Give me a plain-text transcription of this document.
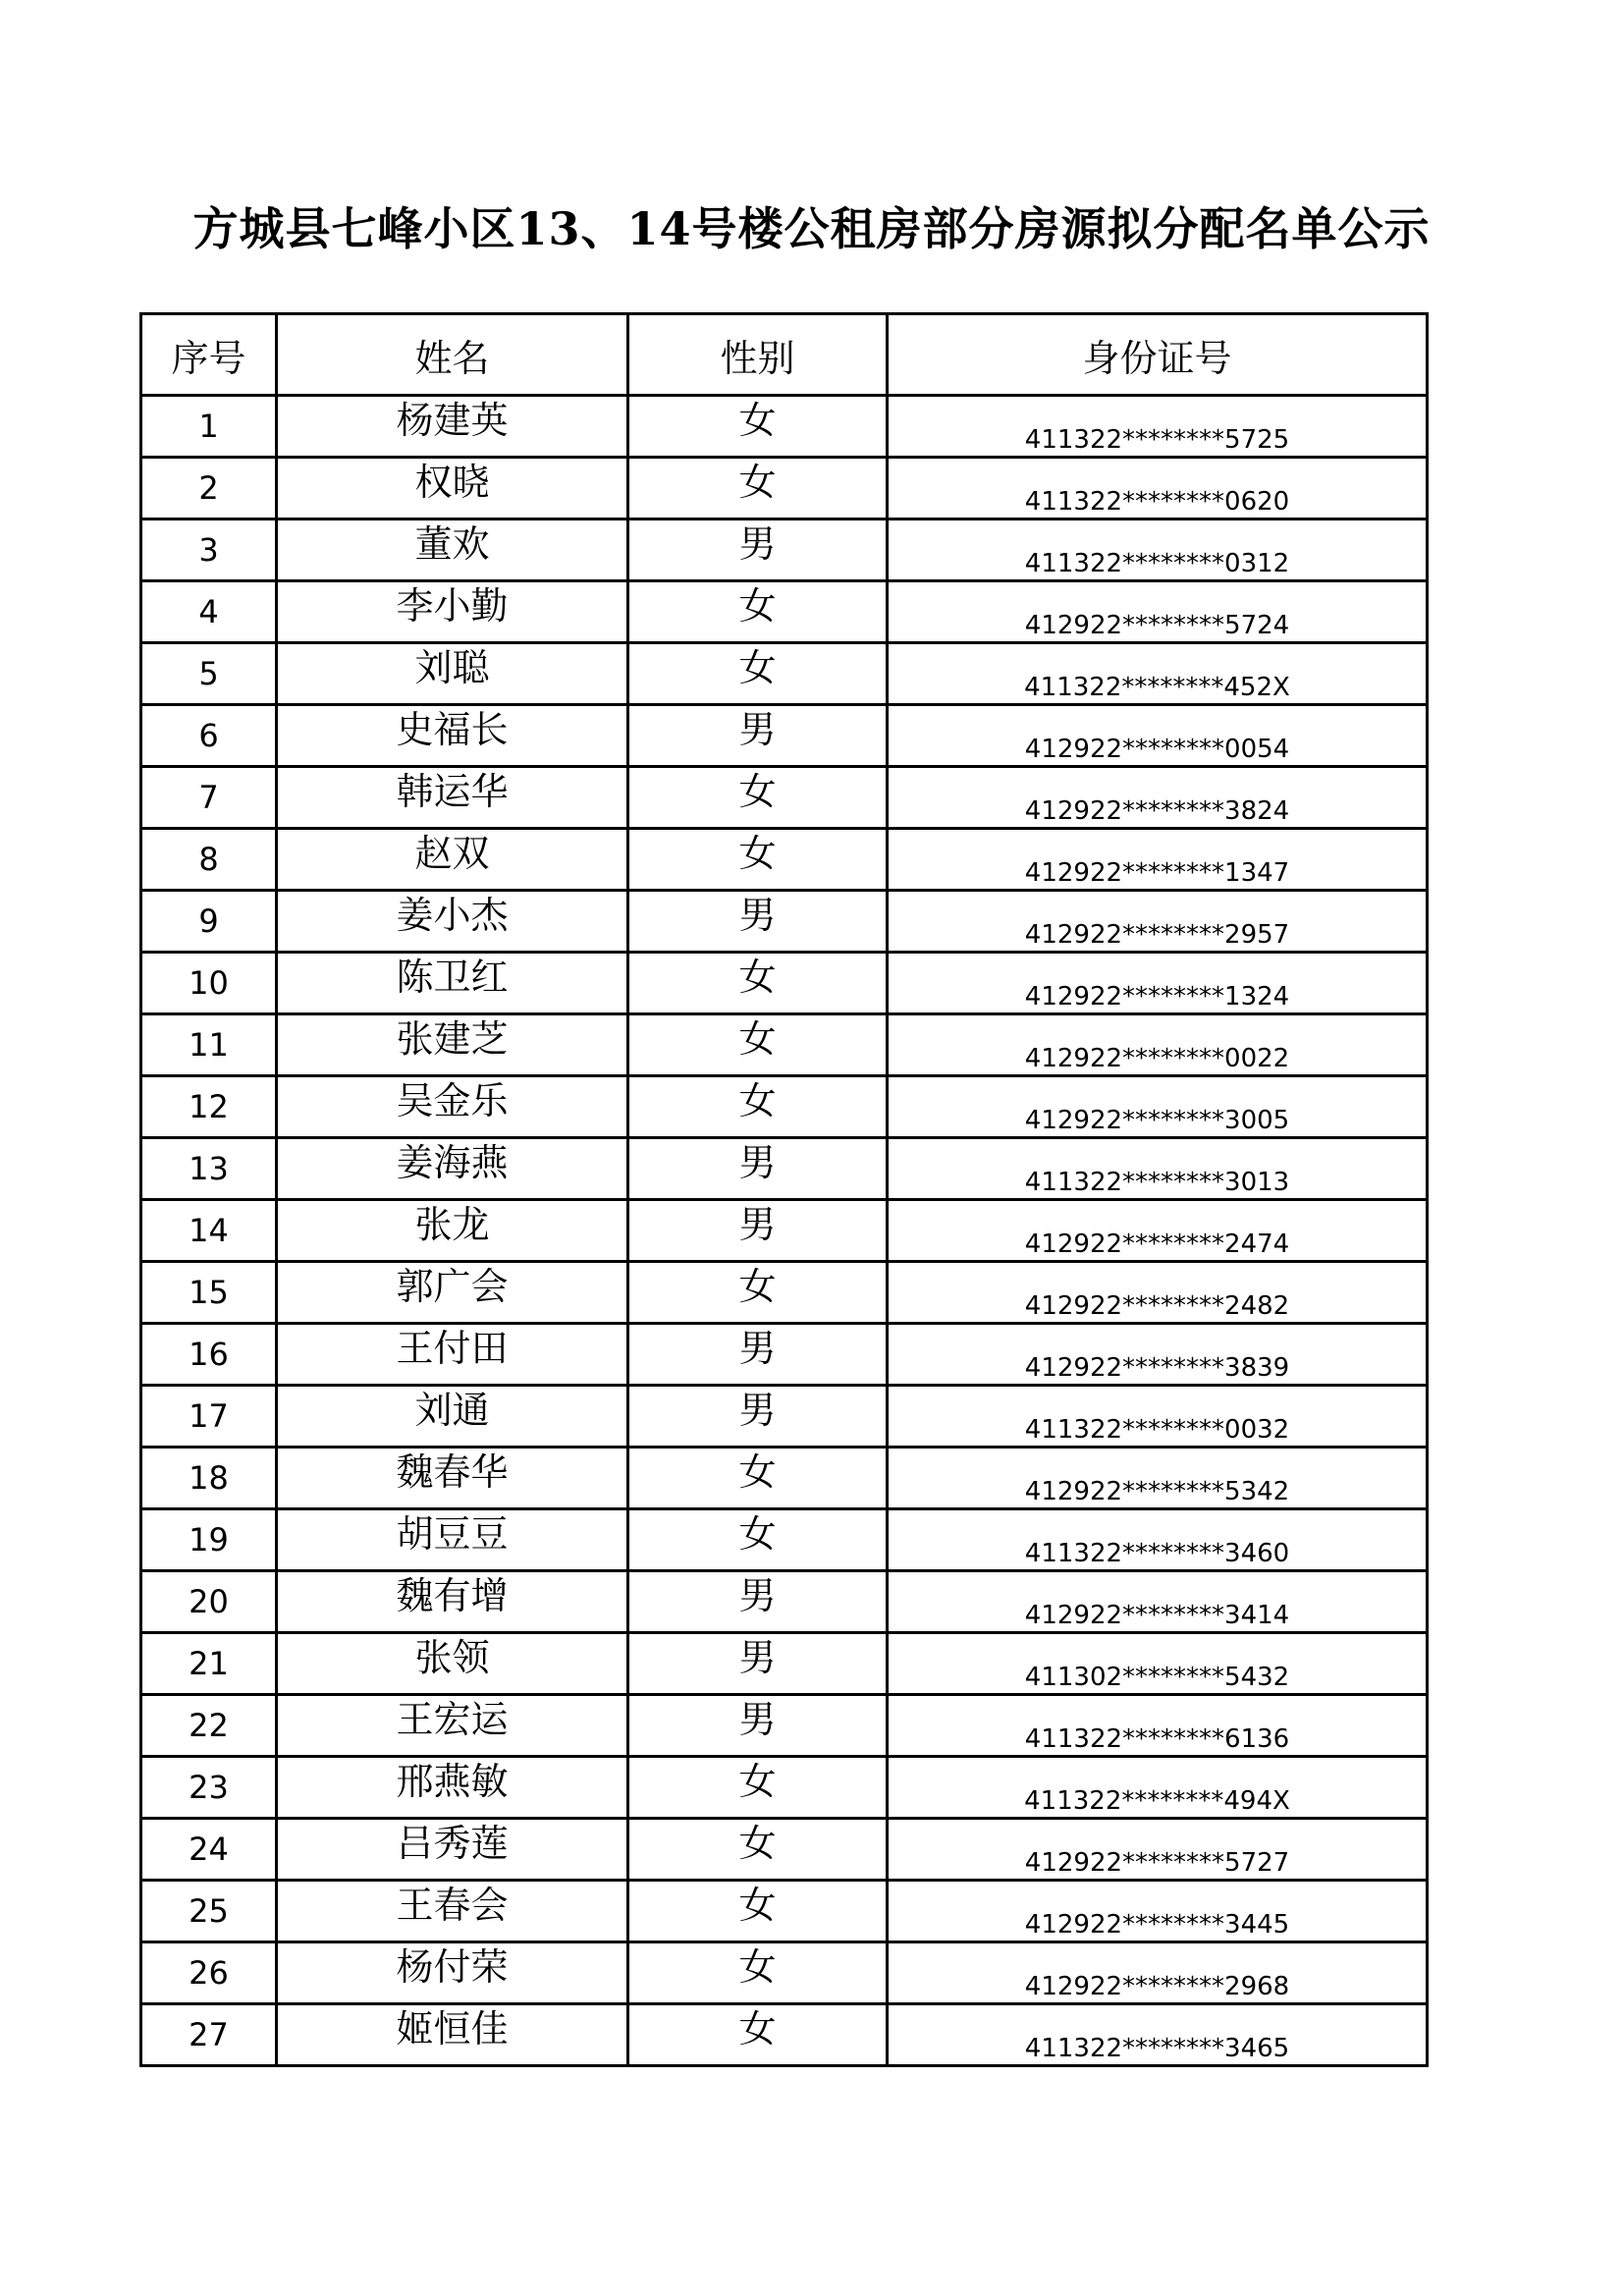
方城县七峰小区13、14号楼公租房部分房源拟分配名单公示
序号	姓名	性别	身份证号
1	杨建英	女	411322********5725
2	权晓	女	411322********0620
3	董欢	男	411322********0312
4	李小勤	女	412922********5724
5	刘聪	女	411322********452X
6	史福长	男	412922********0054
7	韩运华	女	412922********3824
8	赵双	女	412922********1347
9	姜小杰	男	412922********2957
10	陈卫红	女	412922********1324
11	张建芝	女	412922********0022
12	吴金乐	女	412922********3005
13	姜海燕	男	411322********3013
14	张龙	男	412922********2474
15	郭广会	女	412922********2482
16	王付田	男	412922********3839
17	刘通	男	411322********0032
18	魏春华	女	412922********5342
19	胡豆豆	女	411322********3460
20	魏有增	男	412922********3414
21	张领	男	411302********5432
22	王宏运	男	411322********6136
23	邢燕敏	女	411322********494X
24	吕秀莲	女	412922********5727
25	王春会	女	412922********3445
26	杨付荣	女	412922********2968
27	姬恒佳	女	411322********3465
